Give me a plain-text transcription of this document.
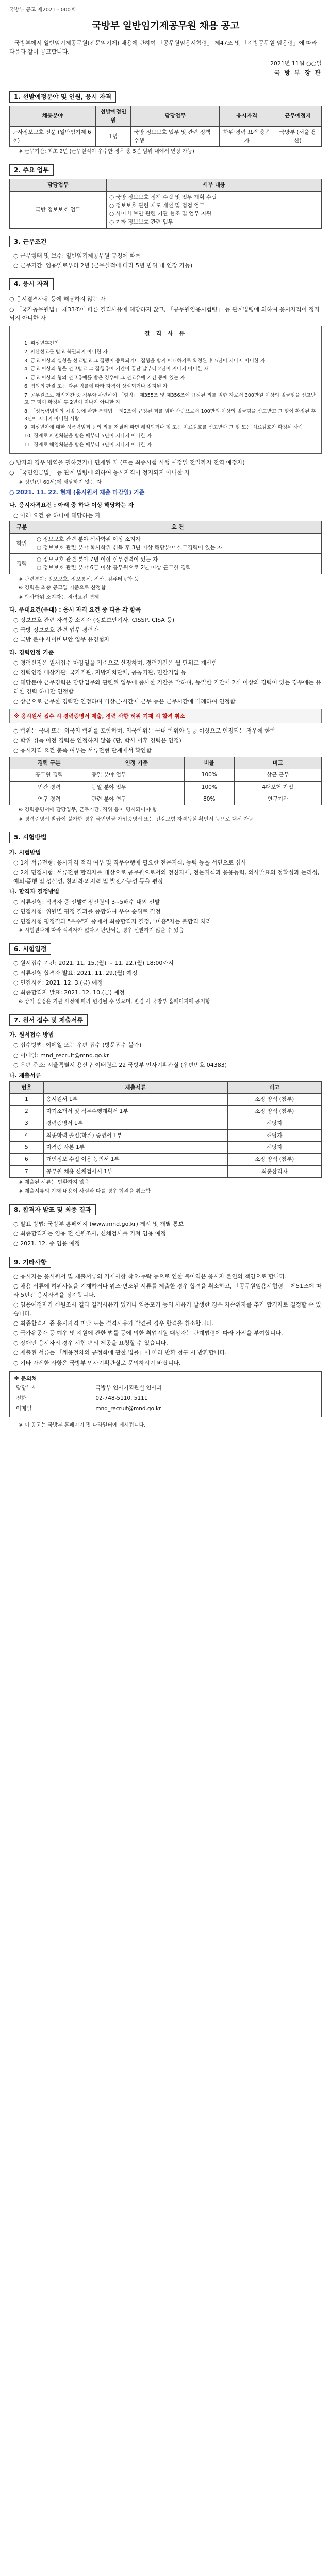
국방부 공고 제2021 - 000호
국방부 일반임기제공무원 채용 공고

국방부에서 일반임기제공무원(전문임기제) 채용에 관하여 「공무원임용시험령」 제47조 및 「지방공무원 임용령」에 따라 다음과 같이 공고합니다.

2021년 11월 ○○일

국 방 부 장 관

1. 선발예정분야 및 인원, 응시 자격
채용분야	선발예정인원	담당업무	응시자격	근무예정지
군사정보보호 전문 (일반임기제 6호)	1명	국방 정보보호 업무 및 관련 정책 수행	학위·경력 요건 충족자	국방부 (서울 용산)
※ 근무기간: 최초 2년 (근무실적이 우수한 경우 총 5년 범위 내에서 연장 가능)
2. 주요 업무
담당업무	세부 내용
국방 정보보호 업무	○ 국방 정보보호 정책 수립 및 업무 계획 수립
○ 정보보호 관련 제도 개선 및 점검 업무
○ 사이버 보안 관련 기관 협조 및 업무 지원
○ 기타 정보보호 관련 업무
3. 근무조건
○ 근무형태 및 보수: 일반임기제공무원 규정에 따름
○ 근무기간: 임용일로부터 2년 (근무실적에 따라 5년 범위 내 연장 가능)
4. 응시 자격
○ 응시결격사유 등에 해당하지 않는 자
○ 「국가공무원법」 제33조에 따른 결격사유에 해당하지 않고, 「공무원임용시험령」 등 관계법령에 의하여 응시자격이 정지되지 아니한 자
결 격 사 유
1. 피성년후견인
2. 파산선고를 받고 복권되지 아니한 자
3. 금고 이상의 실형을 선고받고 그 집행이 종료되거나 집행을 받지 아니하기로 확정된 후 5년이 지나지 아니한 자
4. 금고 이상의 형을 선고받고 그 집행유예 기간이 끝난 날부터 2년이 지나지 아니한 자
5. 금고 이상의 형의 선고유예를 받은 경우에 그 선고유예 기간 중에 있는 자
6. 법원의 판결 또는 다른 법률에 따라 자격이 상실되거나 정지된 자
7. 공무원으로 재직기간 중 직무와 관련하여 「형법」 제355조 및 제356조에 규정된 죄를 범한 자로서 300만원 이상의 벌금형을 선고받고 그 형이 확정된 후 2년이 지나지 아니한 자
8. 「성폭력범죄의 처벌 등에 관한 특례법」 제2조에 규정된 죄를 범한 사람으로서 100만원 이상의 벌금형을 선고받고 그 형이 확정된 후 3년이 지나지 아니한 사람
9. 미성년자에 대한 성폭력범죄 등의 죄를 저질러 파면·해임되거나 형 또는 치료감호를 선고받아 그 형 또는 치료감호가 확정된 사람
10. 징계로 파면처분을 받은 때부터 5년이 지나지 아니한 자
11. 징계로 해임처분을 받은 때부터 3년이 지나지 아니한 자
○ 남자의 경우 병역을 필하였거나 면제된 자 (또는 최종시험 시행 예정일 전일까지 전역 예정자)
○ 「국민연금법」 등 관계 법령에 의하여 응시자격이 정지되지 아니한 자
※ 정년(만 60세)에 해당하지 않는 자
○ 2021. 11. 22. 현재 (응시원서 제출 마감일) 기준
나. 응시자격요건 : 아래 중 하나 이상 해당하는 자
○ 아래 요건 중 하나에 해당하는 자
구분	요 건
학위	○ 정보보호 관련 분야 석사학위 이상 소지자
○ 정보보호 관련 분야 학사학위 취득 후 3년 이상 해당분야 실무경력이 있는 자
경력	○ 정보보호 관련 분야 7년 이상 실무경력이 있는 자
○ 정보보호 관련 분야 6급 이상 공무원으로 2년 이상 근무한 경력
※ 관련분야: 정보보호, 정보통신, 전산, 컴퓨터공학 등
※ 경력은 최종 공고일 기준으로 산정함
※ 박사학위 소지자는 경력요건 면제
다. 우대요건(우대) : 응시 자격 요건 중 다음 각 항목
○ 정보보호 관련 자격증 소지자 (정보보안기사, CISSP, CISA 등)
○ 국방 정보보호 관련 업무 경력자
○ 국방 분야 사이버보안 업무 유경험자
라. 경력인정 기준
○ 경력산정은 원서접수 마감일을 기준으로 산정하며, 경력기간은 월 단위로 계산함
○ 경력인정 대상기관: 국가기관, 지방자치단체, 공공기관, 민간기업 등
○ 해당분야 근무경력은 담당업무와 관련된 업무에 종사한 기간을 말하며, 동일한 기간에 2개 이상의 경력이 있는 경우에는 유리한 경력 하나만 인정함
○ 상근으로 근무한 경력만 인정하며 비상근·시간제 근무 등은 근무시간에 비례하여 인정함
※ 응시원서 접수 시 경력증명서 제출, 경력 사항 허위 기재 시 합격 취소
○ 학위는 국내 또는 외국의 학위를 포함하며, 외국학위는 국내 학위와 동등 이상으로 인정되는 경우에 한함
○ 학위 취득 이전 경력은 인정하지 않음 (단, 학사 이후 경력은 인정)
○ 응시자격 요건 충족 여부는 서류전형 단계에서 확인함
경력 구분	인정 기준	비율	비고
공무원 경력	동일 분야 업무	100%	상근 근무
민간 경력	동일 분야 업무	100%	4대보험 가입
연구 경력	관련 분야 연구	80%	연구기관
※ 경력증명서에 담당업무, 근무기간, 직위 등이 명시되어야 함
※ 경력증명서 발급이 불가한 경우 국민연금 가입증명서 또는 건강보험 자격득실 확인서 등으로 대체 가능
5. 시험방법
가. 시험방법
○ 1차 서류전형: 응시자격 적격 여부 및 직무수행에 필요한 전문지식, 능력 등을 서면으로 심사
○ 2차 면접시험: 서류전형 합격자를 대상으로 공무원으로서의 정신자세, 전문지식과 응용능력, 의사발표의 정확성과 논리성, 예의·품행 및 성실성, 창의력·의지력 및 발전가능성 등을 평정
나. 합격자 결정방법
○ 서류전형: 적격자 중 선발예정인원의 3~5배수 내외 선발
○ 면접시험: 위원별 평정 결과를 종합하여 우수 순위로 결정
○ 면접시험 평정결과 "우수"자 중에서 최종합격자 결정, "미흡"자는 불합격 처리
※ 시험결과에 따라 적격자가 없다고 판단되는 경우 선발하지 않을 수 있음
6. 시험일정
○ 원서접수 기간: 2021. 11. 15.(월) ~ 11. 22.(월) 18:00까지
○ 서류전형 합격자 발표: 2021. 11. 29.(월) 예정
○ 면접시험: 2021. 12. 3.(금) 예정
○ 최종합격자 발표: 2021. 12. 10.(금) 예정
※ 상기 일정은 기관 사정에 따라 변경될 수 있으며, 변경 시 국방부 홈페이지에 공지함
7. 원서 접수 및 제출서류
가. 원서접수 방법
○ 접수방법: 이메일 또는 우편 접수 (방문접수 불가)
○ 이메일: mnd_recruit@mnd.go.kr
○ 우편 주소: 서울특별시 용산구 이태원로 22 국방부 인사기획관실 (우편번호 04383)
나. 제출서류
번호	제출서류	비고
1	응시원서 1부	소정 양식 (첨부)
2	자기소개서 및 직무수행계획서 1부	소정 양식 (첨부)
3	경력증명서 1부	해당자
4	최종학력 졸업(학위) 증명서 1부	해당자
5	자격증 사본 1부	해당자
6	개인정보 수집·이용 동의서 1부	소정 양식 (첨부)
7	공무원 채용 신체검사서 1부	최종합격자
※ 제출된 서류는 반환하지 않음
※ 제출서류의 기재 내용이 사실과 다를 경우 합격을 취소함
8. 합격자 발표 및 최종 결과
○ 발표 방법: 국방부 홈페이지 (www.mnd.go.kr) 게시 및 개별 통보
○ 최종합격자는 임용 전 신원조사, 신체검사를 거쳐 임용 예정
○ 2021. 12. 중 임용 예정
9. 기타사항
○ 응시자는 응시원서 및 제출서류의 기재사항 착오·누락 등으로 인한 불이익은 응시자 본인의 책임으로 합니다.
○ 채용 서류에 허위사실을 기재하거나 위조·변조된 서류를 제출한 경우 합격을 취소하고, 「공무원임용시험령」 제51조에 따라 5년간 응시자격을 정지합니다.
○ 임용예정자가 신원조사 결과 결격사유가 있거나 임용포기 등의 사유가 발생한 경우 차순위자를 추가 합격자로 결정할 수 있습니다.
○ 최종합격자 중 응시자격 미달 또는 결격사유가 발견될 경우 합격을 취소합니다.
○ 국가유공자 등 예우 및 지원에 관한 법률 등에 의한 취업지원 대상자는 관계법령에 따라 가점을 부여합니다.
○ 장애인 응시자의 경우 시험 편의 제공을 요청할 수 있습니다.
○ 제출된 서류는 「채용절차의 공정화에 관한 법률」에 따라 반환 청구 시 반환합니다.
○ 기타 자세한 사항은 국방부 인사기획관실로 문의하시기 바랍니다.
※ 문의처
담당부서	국방부 인사기획관실 인사과
전화	02-748-5110, 5111
이메일	mnd_recruit@mnd.go.kr
※ 이 공고는 국방부 홈페이지 및 나라일터에 게시됩니다.
